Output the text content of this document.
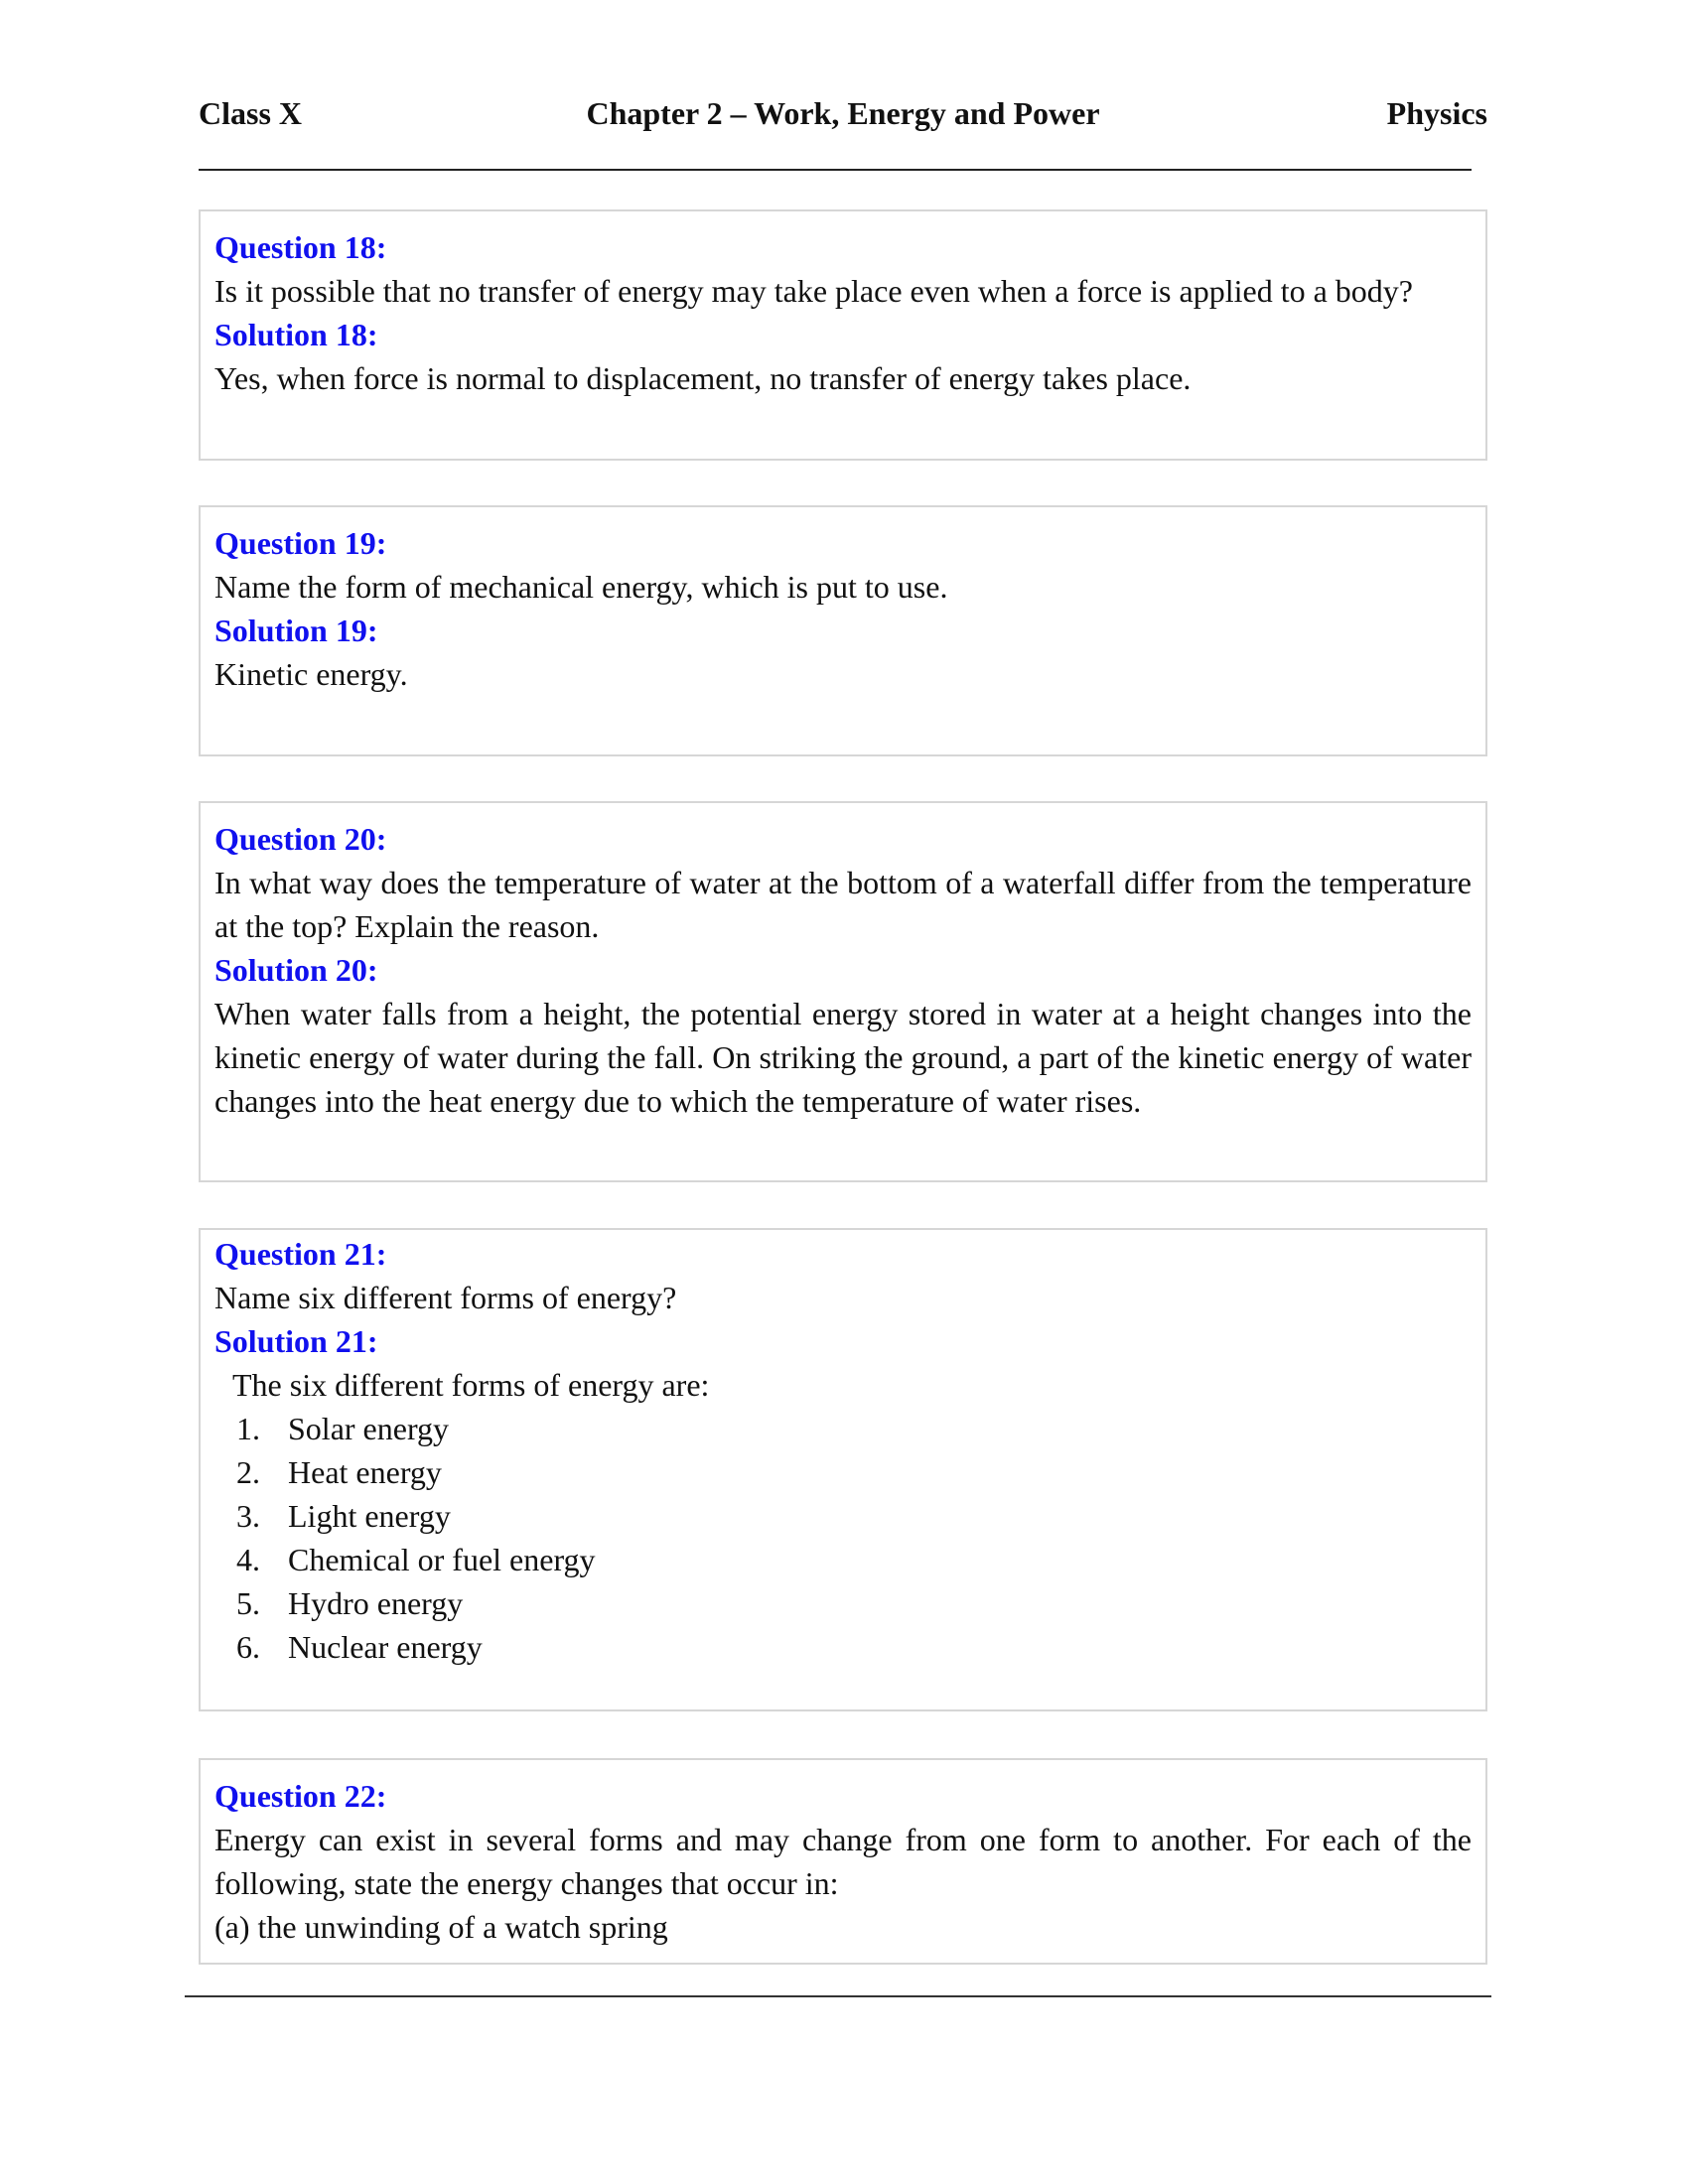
Class X	Chapter 2 – Work, Energy and Power	Physics
Question 18:
Is it possible that no transfer of energy may take place even when a force is applied to a body?
Solution 18:
Yes, when force is normal to displacement, no transfer of energy takes place.
Question 19:
Name the form of mechanical energy, which is put to use.
Solution 19:
Kinetic energy.
Question 20:
In what way does the temperature of water at the bottom of a waterfall differ from the temperature at the top? Explain the reason.
Solution 20:
When water falls from a height, the potential energy stored in water at a height changes into the kinetic energy of water during the fall. On striking the ground, a part of the kinetic energy of water changes into the heat energy due to which the temperature of water rises.
Question 21:
Name six different forms of energy?
Solution 21:
The six different forms of energy are:
1. Solar energy
2. Heat energy
3. Light energy
4. Chemical or fuel energy
5. Hydro energy
6. Nuclear energy
Question 22:
Energy can exist in several forms and may change from one form to another. For each of the following, state the energy changes that occur in:
(a) the unwinding of a watch spring
